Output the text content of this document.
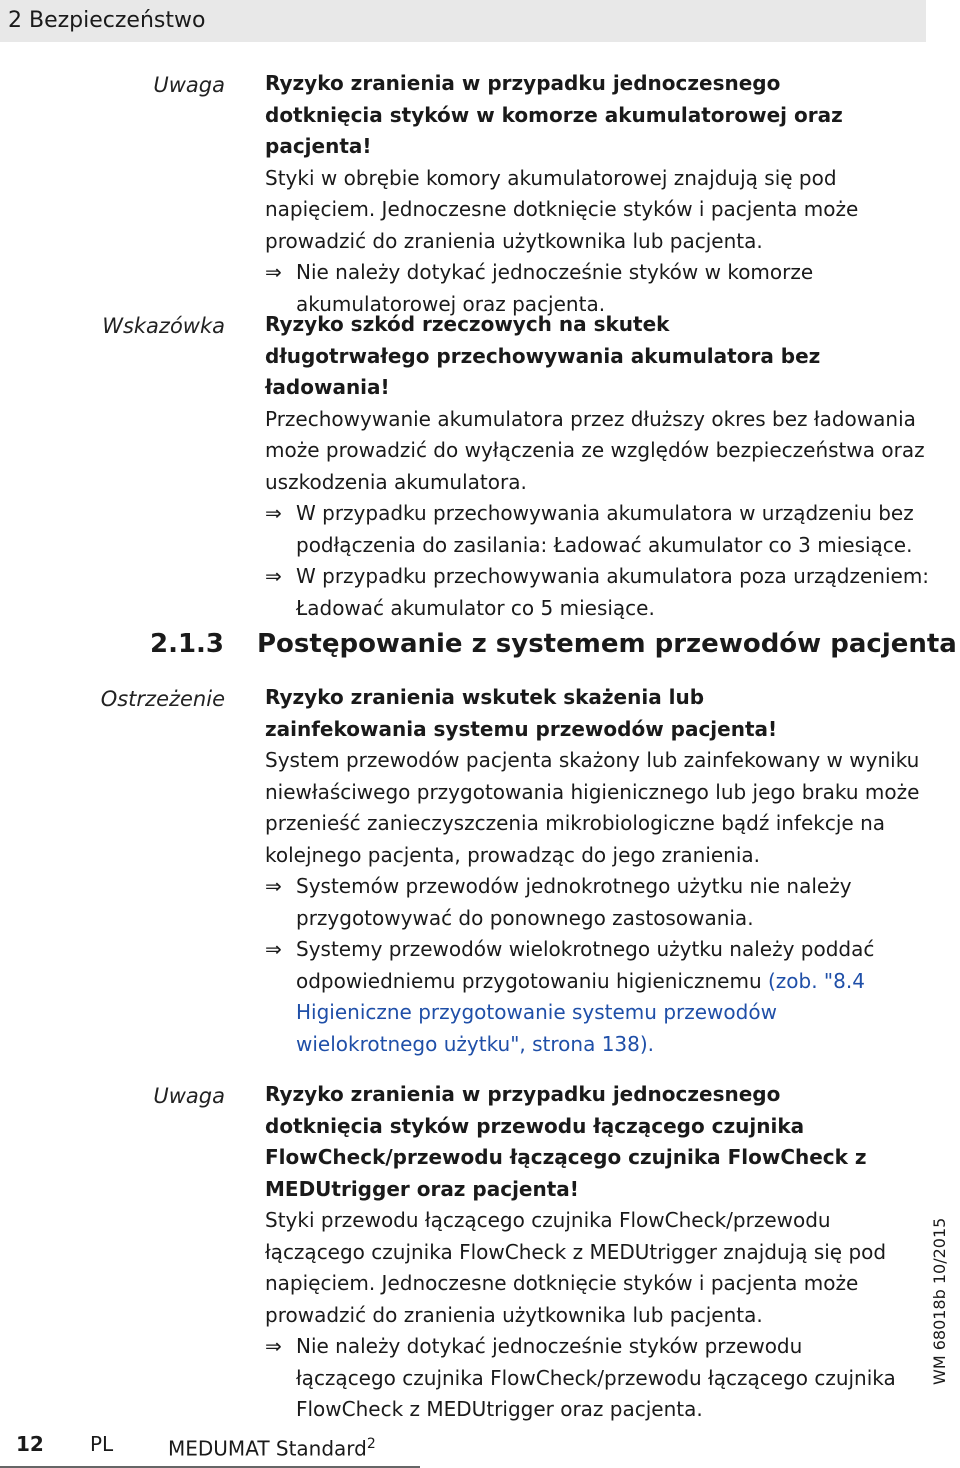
2 Bezpieczeństwo
Uwaga Ryzyko zranienia w przypadku jednoczesnego dotknięcia styków w komorze akumulatorowej oraz pacjenta!
Styki w obrębie komory akumulatorowej znajdują się pod napięciem. Jednoczesne dotknięcie styków i pacjenta może prowadzić do zranienia użytkownika lub pacjenta.
⇒ Nie należy dotykać jednocześnie styków w komorze akumulatorowej oraz pacjenta.
Wskazówka Ryzyko szkód rzeczowych na skutek długotrwałego przechowywania akumulatora bez ładowania!
Przechowywanie akumulatora przez dłuższy okres bez ładowania może prowadzić do wyłączenia ze względów bezpieczeństwa oraz uszkodzenia akumulatora.
⇒ W przypadku przechowywania akumulatora w urządzeniu bez podłączenia do zasilania: Ładować akumulator co 3 miesiące.
⇒ W przypadku przechowywania akumulatora poza urządzeniem: Ładować akumulator co 5 miesiące.
2.1.3 Postępowanie z systemem przewodów pacjenta
Ostrzeżenie Ryzyko zranienia wskutek skażenia lub zainfekowania systemu przewodów pacjenta!
System przewodów pacjenta skażony lub zainfekowany w wyniku niewłaściwego przygotowania higienicznego lub jego braku może przenieść zanieczyszczenia mikrobiologiczne bądź infekcje na kolejnego pacjenta, prowadząc do jego zranienia.
⇒ Systemów przewodów jednokrotnego użytku nie należy przygotowywać do ponownego zastosowania.
⇒ Systemy przewodów wielokrotnego użytku należy poddać odpowiedniemu przygotowaniu higienicznemu (zob. "8.4 Higieniczne przygotowanie systemu przewodów wielokrotnego użytku", strona 138).
Uwaga Ryzyko zranienia w przypadku jednoczesnego dotknięcia styków przewodu łączącego czujnika FlowCheck/przewodu łączącego czujnika FlowCheck z MEDUtrigger oraz pacjenta!
Styki przewodu łączącego czujnika FlowCheck/przewodu łączącego czujnika FlowCheck z MEDUtrigger znajdują się pod napięciem. Jednoczesne dotknięcie styków i pacjenta może prowadzić do zranienia użytkownika lub pacjenta.
⇒ Nie należy dotykać jednocześnie styków przewodu łączącego czujnika FlowCheck/przewodu łączącego czujnika FlowCheck z MEDUtrigger oraz pacjenta.
WM 68018b 10/2015
12 PL	MEDUMAT Standard$^2$
